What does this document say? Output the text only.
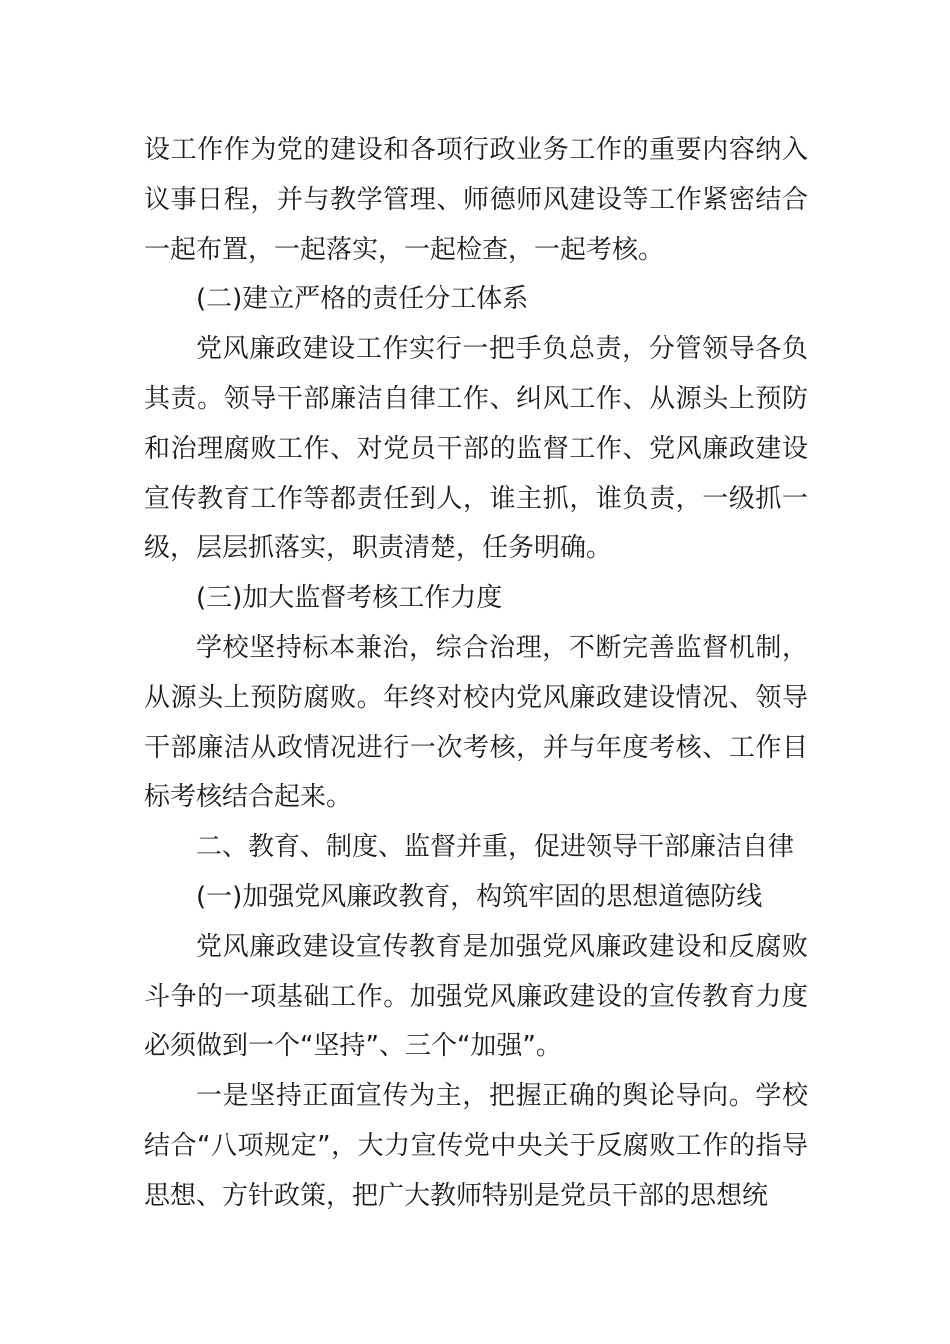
设工作作为党的建设和各项行政业务工作的重要内容纳入议事日程，并与教学管理、师德师风建设等工作紧密结合一起布置，一起落实，一起检查，一起考核。

(二)建立严格的责任分工体系

党风廉政建设工作实行一把手负总责，分管领导各负其责。领导干部廉洁自律工作、纠风工作、从源头上预防和治理腐败工作、对党员干部的监督工作、党风廉政建设宣传教育工作等都责任到人，谁主抓，谁负责，一级抓一级，层层抓落实，职责清楚，任务明确。

(三)加大监督考核工作力度

学校坚持标本兼治，综合治理，不断完善监督机制，从源头上预防腐败。年终对校内党风廉政建设情况、领导干部廉洁从政情况进行一次考核，并与年度考核、工作目标考核结合起来。

二、教育、制度、监督并重，促进领导干部廉洁自律

(一)加强党风廉政教育，构筑牢固的思想道德防线

党风廉政建设宣传教育是加强党风廉政建设和反腐败斗争的一项基础工作。加强党风廉政建设的宣传教育力度必须做到一个“坚持”、三个“加强”。

一是坚持正面宣传为主，把握正确的舆论导向。学校结合“八项规定”，大力宣传党中央关于反腐败工作的指导思想、方针政策，把广大教师特别是党员干部的思想统
